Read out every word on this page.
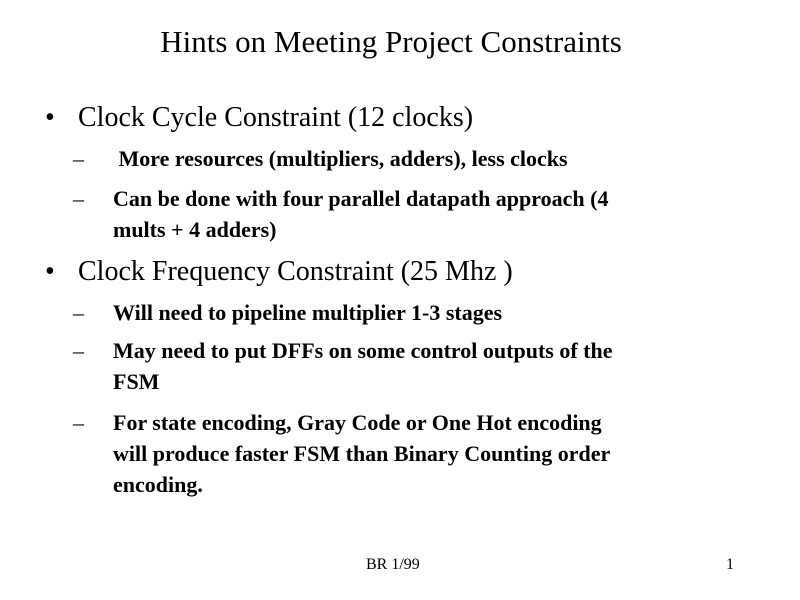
Hints on Meeting Project Constraints
• Clock Cycle Constraint (12 clocks)
– More resources (multipliers, adders), less clocks
– Can be done with four parallel datapath approach (4
mults + 4 adders)
• Clock Frequency Constraint (25 Mhz )
– Will need to pipeline multiplier 1-3 stages
– May need to put DFFs on some control outputs of the
FSM
– For state encoding, Gray Code or One Hot encoding
will produce faster FSM than Binary Counting order
encoding.
BR 1/99	1
